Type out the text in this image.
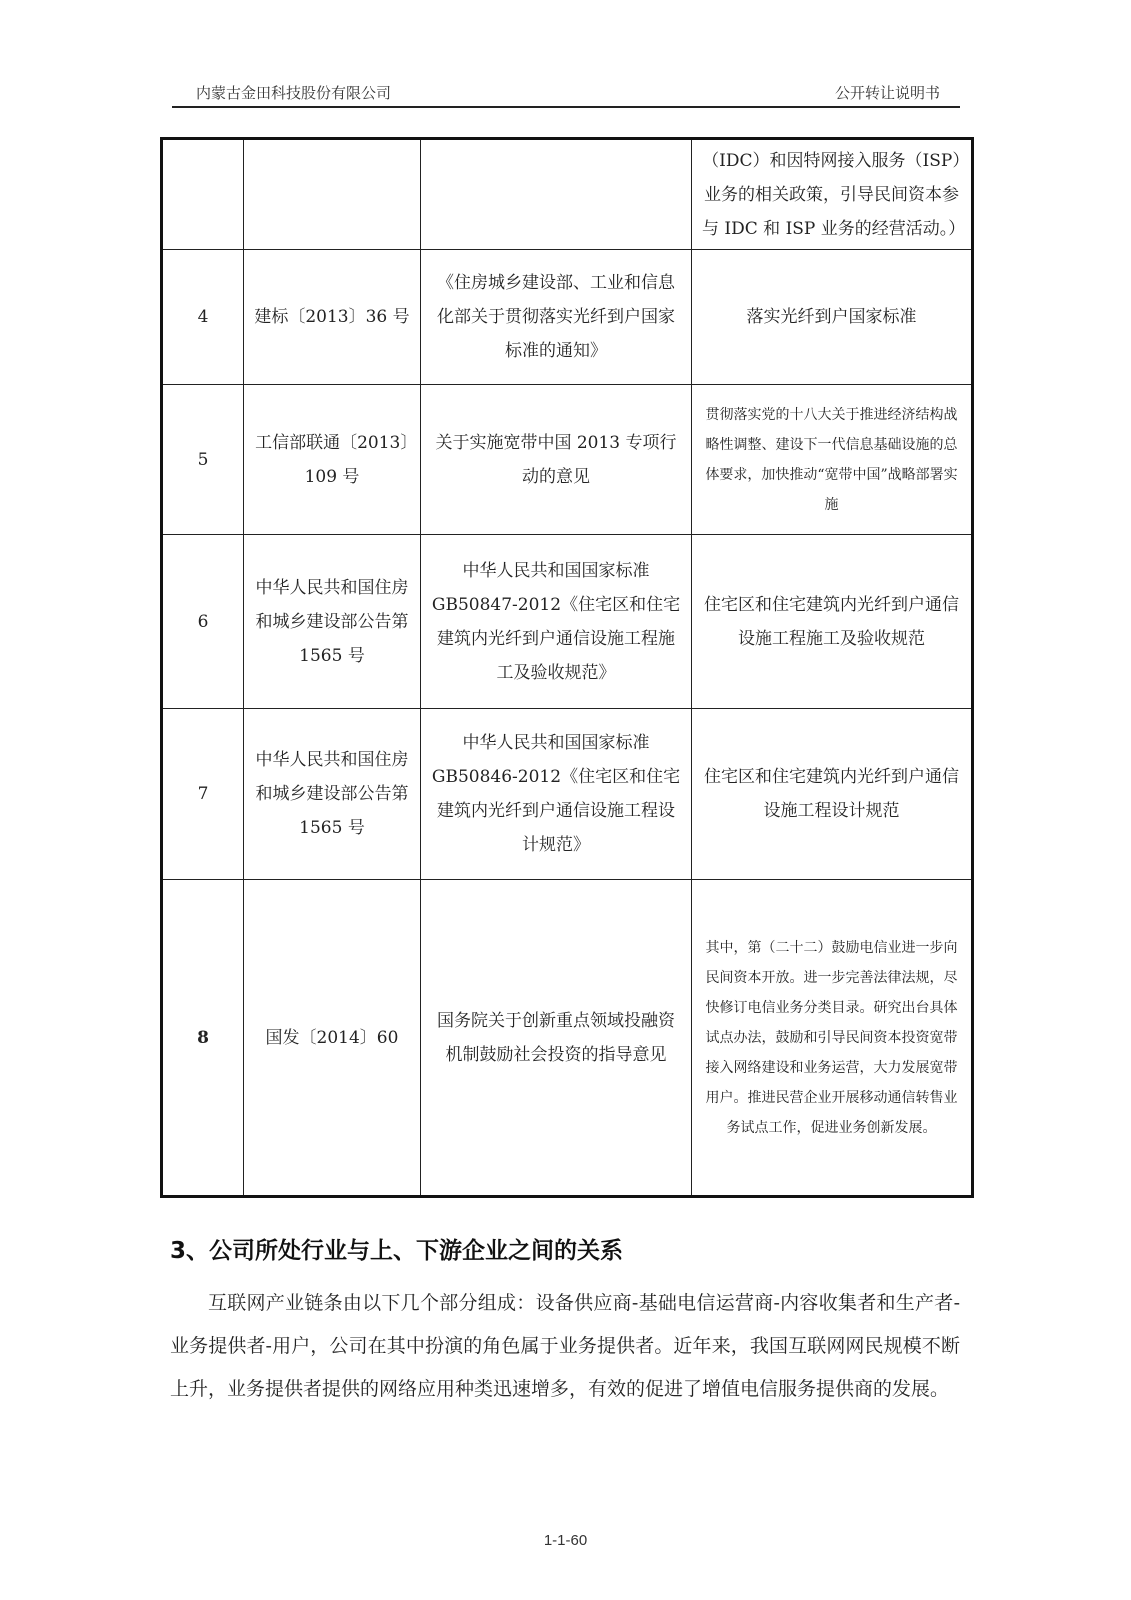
内蒙古金田科技股份有限公司	公开转让说明书
			（IDC）和因特网接入服务（ISP）业务的相关政策，引导民间资本参与 IDC 和 ISP 业务的经营活动。）
4	建标〔2013〕36 号	《住房城乡建设部、工业和信息化部关于贯彻落实光纤到户国家标准的通知》	落实光纤到户国家标准
5	工信部联通〔2013〕109 号	关于实施宽带中国 2013 专项行动的意见	贯彻落实党的十八大关于推进经济结构战略性调整、建设下一代信息基础设施的总体要求，加快推动“宽带中国”战略部署实施
6	中华人民共和国住房和城乡建设部公告第 1565 号	中华人民共和国国家标准 GB50847-2012《住宅区和住宅建筑内光纤到户通信设施工程施工及验收规范》	住宅区和住宅建筑内光纤到户通信设施工程施工及验收规范
7	中华人民共和国住房和城乡建设部公告第 1565 号	中华人民共和国国家标准 GB50846-2012《住宅区和住宅建筑内光纤到户通信设施工程设计规范》	住宅区和住宅建筑内光纤到户通信设施工程设计规范
8	国发〔2014〕60	国务院关于创新重点领域投融资机制鼓励社会投资的指导意见	其中，第（二十二）鼓励电信业进一步向民间资本开放。进一步完善法律法规，尽快修订电信业务分类目录。研究出台具体试点办法，鼓励和引导民间资本投资宽带接入网络建设和业务运营，大力发展宽带用户。推进民营企业开展移动通信转售业务试点工作，促进业务创新发展。
3、公司所处行业与上、下游企业之间的关系
互联网产业链条由以下几个部分组成：设备供应商-基础电信运营商-内容收集者和生产者-业务提供者-用户，公司在其中扮演的角色属于业务提供者。近年来，我国互联网网民规模不断上升，业务提供者提供的网络应用种类迅速增多，有效的促进了增值电信服务提供商的发展。
1-1-60
